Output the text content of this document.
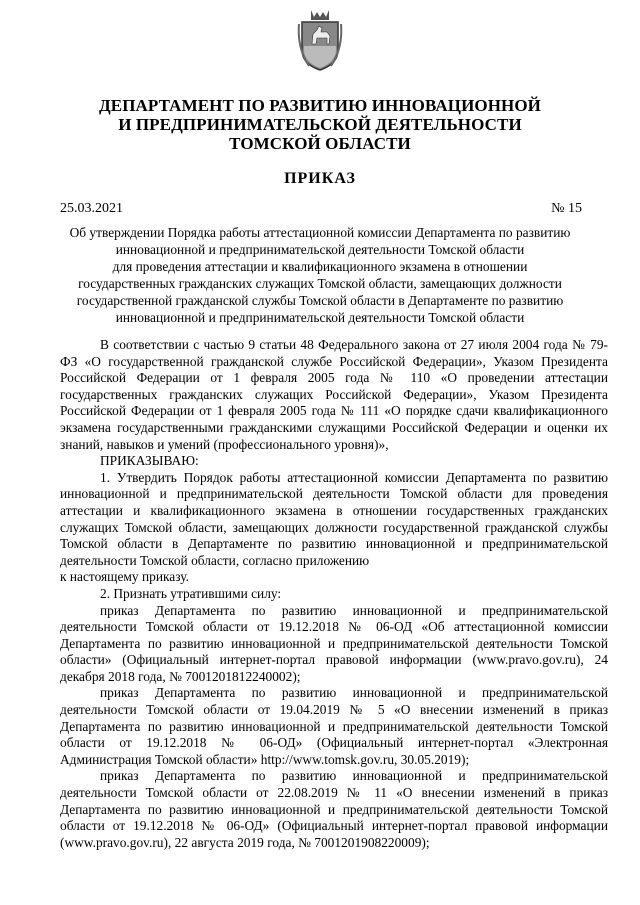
ДЕПАРТАМЕНТ ПО РАЗВИТИЮ ИННОВАЦИОННОЙ
И ПРЕДПРИНИМАТЕЛЬСКОЙ ДЕЯТЕЛЬНОСТИ
ТОМСКОЙ ОБЛАСТИ
ПРИКАЗ
25.03.2021	№ 15
Об утверждении Порядка работы аттестационной комиссии Департамента по развитию
инновационной и предпринимательской деятельности Томской области
для проведения аттестации и квалификационного экзамена в отношении
государственных гражданских служащих Томской области, замещающих должности
государственной гражданской службы Томской области в Департаменте по развитию
инновационной и предпринимательской деятельности Томской области

В соответствии с частью 9 статьи 48 Федерального закона от 27 июля 2004 года № 79-ФЗ «О государственной гражданской службе Российской Федерации», Указом Президента Российской Федерации от 1 февраля 2005 года № 110 «О проведении аттестации государственных гражданских служащих Российской Федерации», Указом Президента Российской Федерации от 1 февраля 2005 года № 111 «О порядке сдачи квалификационного экзамена государственными гражданскими служащими Российской Федерации и оценки их знаний, навыков и умений (профессионального уровня)»,

ПРИКАЗЫВАЮ:

1. Утвердить Порядок работы аттестационной комиссии Департамента по развитию инновационной и предпринимательской деятельности Томской области для проведения аттестации и квалификационного экзамена в отношении государственных гражданских служащих Томской области, замещающих должности государственной гражданской службы Томской области в Департаменте по развитию инновационной и предпринимательской деятельности Томской области, согласно приложению

к настоящему приказу.

2. Признать утратившими силу:

приказ Департамента по развитию инновационной и предпринимательской деятельности Томской области от 19.12.2018 № 06-ОД «Об аттестационной комиссии Департамента по развитию инновационной и предпринимательской деятельности Томской области» (Официальный интернет-портал правовой информации (www.pravo.gov.ru), 24 декабря 2018 года, № 7001201812240002);

приказ Департамента по развитию инновационной и предпринимательской деятельности Томской области от 19.04.2019 № 5 «О внесении изменений в приказ Департамента по развитию инновационной и предпринимательской деятельности Томской области от 19.12.2018 № 06-ОД» (Официальный интернет-портал «Электронная Администрация Томской области» http://www.tomsk.gov.ru, 30.05.2019);

приказ Департамента по развитию инновационной и предпринимательской деятельности Томской области от 22.08.2019 № 11 «О внесении изменений в приказ Департамента по развитию инновационной и предпринимательской деятельности Томской области от 19.12.2018 № 06-ОД» (Официальный интернет-портал правовой информации (www.pravo.gov.ru), 22 августа 2019 года, № 7001201908220009);
